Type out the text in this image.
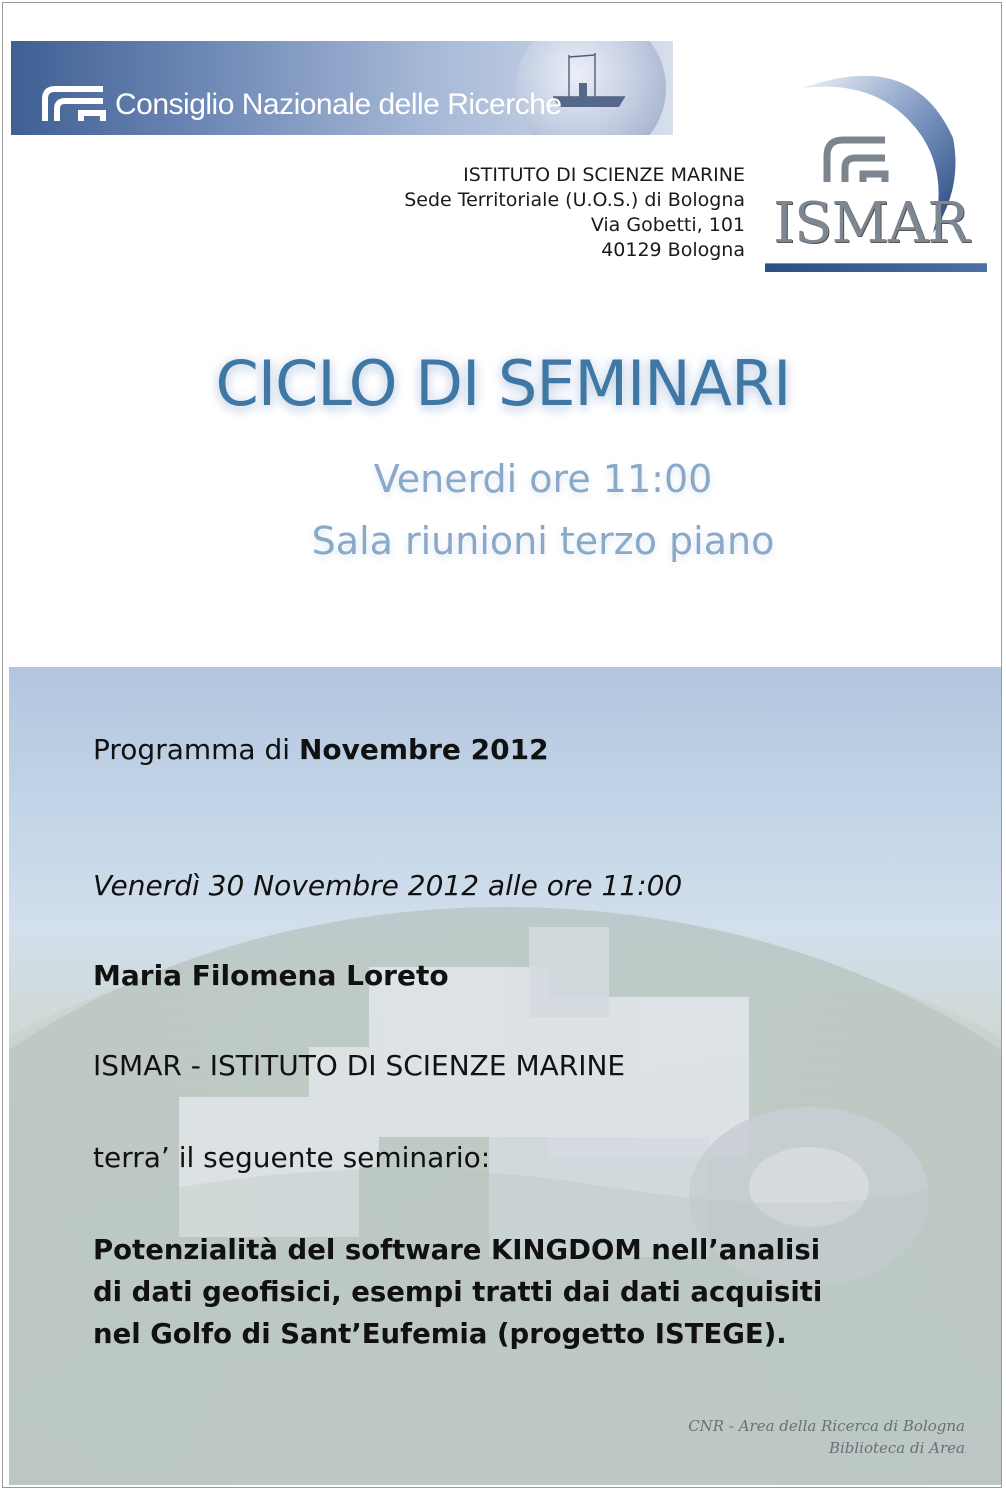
Consiglio Nazionale delle Ricerche
ISTITUTO DI SCIENZE MARINE
Sede Territoriale (U.O.S.) di Bologna
Via Gobetti, 101
40129 Bologna ISMAR
CICLO DI SEMINARI
Venerdi ore 11:00
Sala riunioni terzo piano
Programma di Novembre 2012
Venerdì 30 Novembre 2012 alle ore 11:00
Maria Filomena Loreto
ISMAR - ISTITUTO DI SCIENZE MARINE
terra’ il seguente seminario:
Potenzialità del software KINGDOM nell’analisi
di dati geofisici, esempi tratti dai dati acquisiti
nel Golfo di Sant’Eufemia (progetto ISTEGE).
CNR - Area della Ricerca di Bologna
Biblioteca di Area
